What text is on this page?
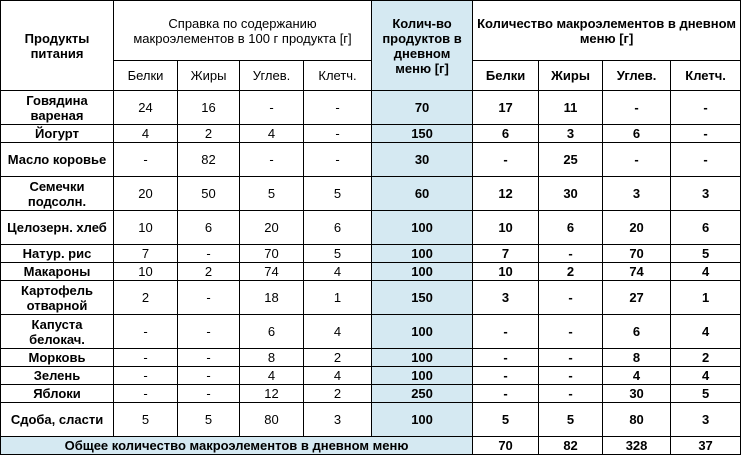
Продукты питания	Справка по содержанию макроэлементов в 100 г продукта [г]				Колич-во продуктов в дневном меню [г]	Количество макроэлементов в дневном меню [г]			
	Белки	Жиры	Углев.	Клетч.		Белки	Жиры	Углев.	Клетч.
Говядина вареная	24	16	-	-	70	17	11	-	-
Йогурт	4	2	4	-	150	6	3	6	-
Масло коровье	-	82	-	-	30	-	25	-	-
Семечки подсолн.	20	50	5	5	60	12	30	3	3
Целозерн. хлеб	10	6	20	6	100	10	6	20	6
Натур. рис	7	-	70	5	100	7	-	70	5
Макароны	10	2	74	4	100	10	2	74	4
Картофель отварной	2	-	18	1	150	3	-	27	1
Капуста белокач.	-	-	6	4	100	-	-	6	4
Морковь	-	-	8	2	100	-	-	8	2
Зелень	-	-	4	4	100	-	-	4	4
Яблоки	-	-	12	2	250	-	-	30	5
Сдоба, сласти	5	5	80	3	100	5	5	80	3
Общее количество макроэлементов в дневном меню						70	82	328	37
